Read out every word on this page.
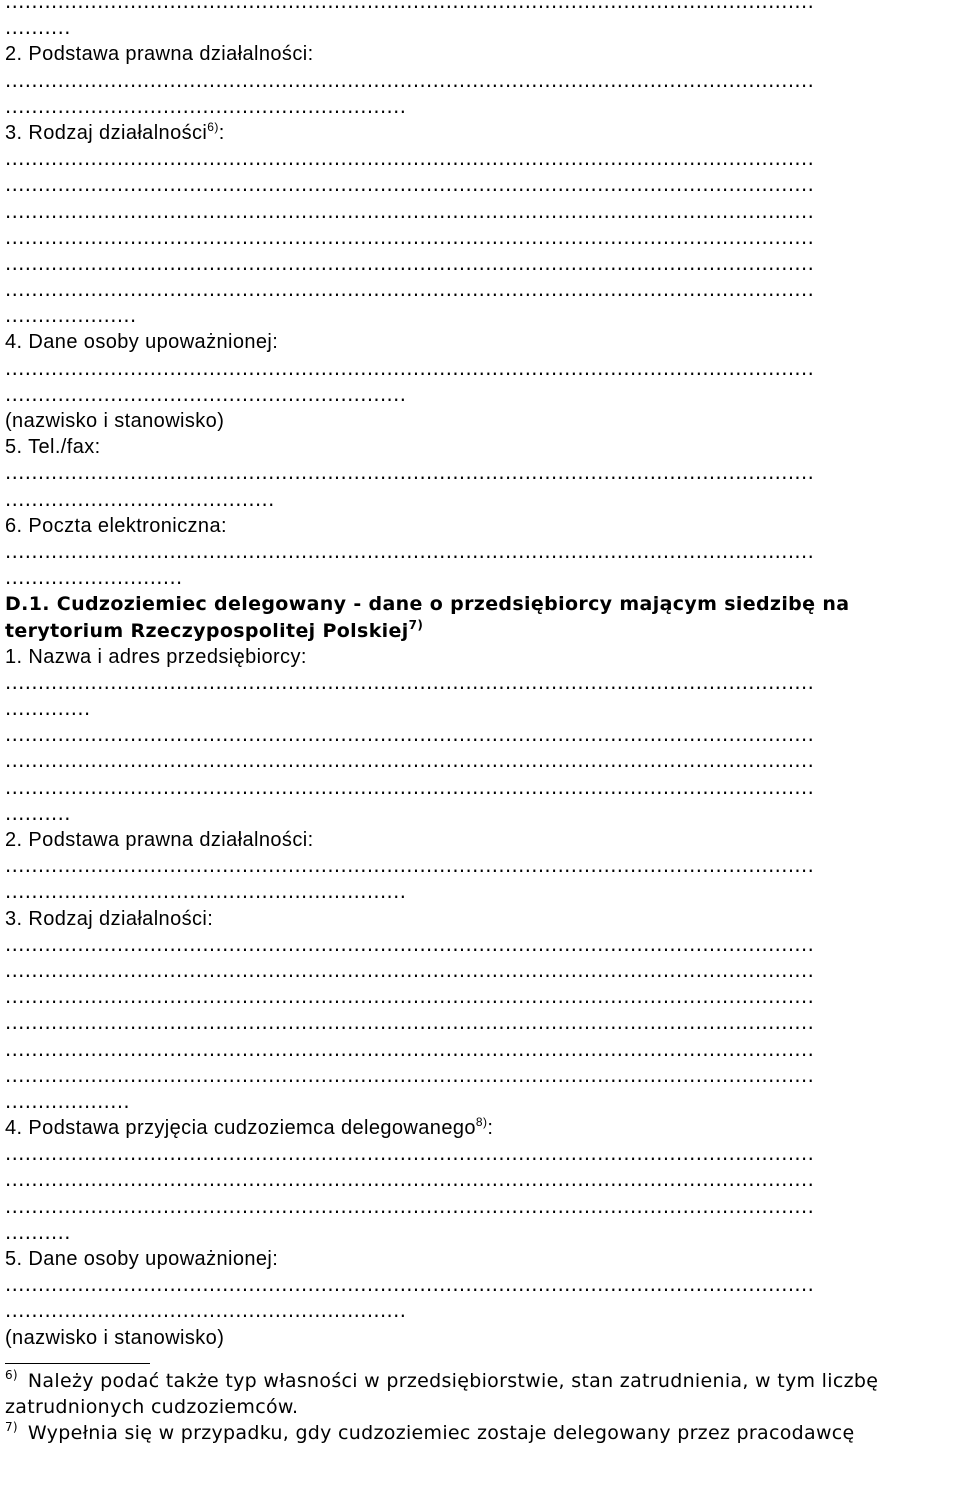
...........................................................................................................................
..........
2. Podstawa prawna działalności:
...........................................................................................................................
.............................................................
3. Rodzaj działalności$^{6)}$:
...........................................................................................................................
...........................................................................................................................
...........................................................................................................................
...........................................................................................................................
...........................................................................................................................
...........................................................................................................................
....................
4. Dane osoby upoważnionej:
...........................................................................................................................
.............................................................
(nazwisko i stanowisko)
5. Tel./fax:
...........................................................................................................................
.........................................
6. Poczta elektroniczna:
...........................................................................................................................
...........................
D.1. Cudzoziemiec delegowany - dane o przedsiębiorcy mającym siedzibę na
terytorium Rzeczypospolitej Polskiej$^{7)}$
1. Nazwa i adres przedsiębiorcy:
...........................................................................................................................
.............
...........................................................................................................................
...........................................................................................................................
...........................................................................................................................
..........
2. Podstawa prawna działalności:
...........................................................................................................................
.............................................................
3. Rodzaj działalności:
...........................................................................................................................
...........................................................................................................................
...........................................................................................................................
...........................................................................................................................
...........................................................................................................................
...........................................................................................................................
...................
4. Podstawa przyjęcia cudzoziemca delegowanego$^{8)}$:
...........................................................................................................................
...........................................................................................................................
...........................................................................................................................
..........
5. Dane osoby upoważnionej:
...........................................................................................................................
.............................................................
(nazwisko i stanowisko)
$^{6)}$ Należy podać także typ własności w przedsiębiorstwie, stan zatrudnienia, w tym liczbę
zatrudnionych cudzoziemców.
$^{7)}$ Wypełnia się w przypadku, gdy cudzoziemiec zostaje delegowany przez pracodawcę
